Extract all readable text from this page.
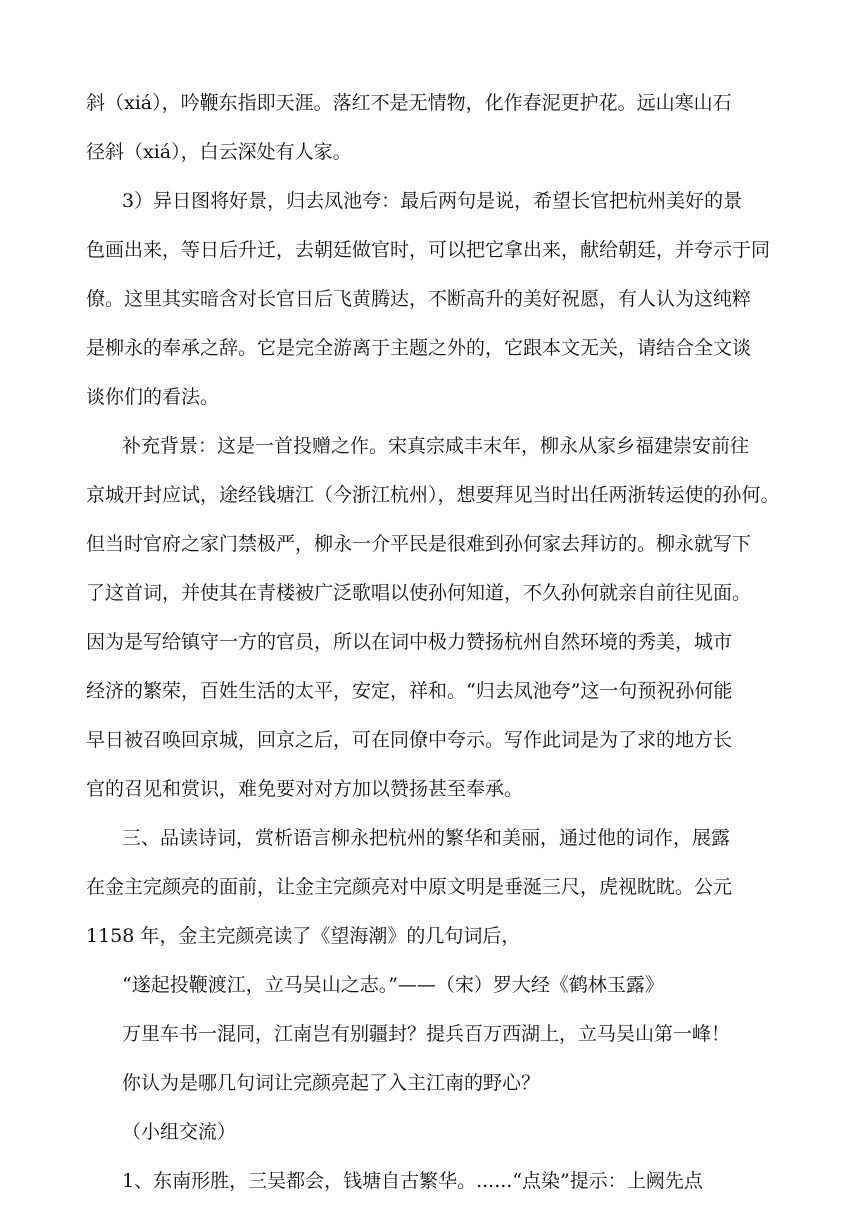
斜（xiá），吟鞭东指即天涯。落红不是无情物，化作春泥更护花。远山寒山石
径斜（xiá），白云深处有人家。
3）异日图将好景，归去凤池夸：最后两句是说，希望长官把杭州美好的景
色画出来，等日后升迁，去朝廷做官时，可以把它拿出来，献给朝廷，并夸示于同
僚。这里其实暗含对长官日后飞黄腾达，不断高升的美好祝愿，有人认为这纯粹
是柳永的奉承之辞。它是完全游离于主题之外的，它跟本文无关，请结合全文谈
谈你们的看法。
补充背景：这是一首投赠之作。宋真宗咸丰末年，柳永从家乡福建崇安前往
京城开封应试，途经钱塘江（今浙江杭州），想要拜见当时出任两浙转运使的孙何。
但当时官府之家门禁极严，柳永一介平民是很难到孙何家去拜访的。柳永就写下
了这首词，并使其在青楼被广泛歌唱以使孙何知道，不久孙何就亲自前往见面。
因为是写给镇守一方的官员，所以在词中极力赞扬杭州自然环境的秀美，城市
经济的繁荣，百姓生活的太平，安定，祥和。“归去凤池夸”这一句预祝孙何能
早日被召唤回京城，回京之后，可在同僚中夸示。写作此词是为了求的地方长
官的召见和赏识，难免要对对方加以赞扬甚至奉承。
三、品读诗词，赏析语言柳永把杭州的繁华和美丽，通过他的词作，展露
在金主完颜亮的面前，让金主完颜亮对中原文明是垂涎三尺，虎视眈眈。公元
1158 年，金主完颜亮读了《望海潮》的几句词后，
“遂起投鞭渡江，立马吴山之志。”——（宋）罗大经《鹤林玉露》
万里车书一混同，江南岂有别疆封？提兵百万西湖上，立马吴山第一峰！
你认为是哪几句词让完颜亮起了入主江南的野心？
（小组交流）
1、东南形胜，三吴都会，钱塘自古繁华。......“点染”提示：上阙先点
